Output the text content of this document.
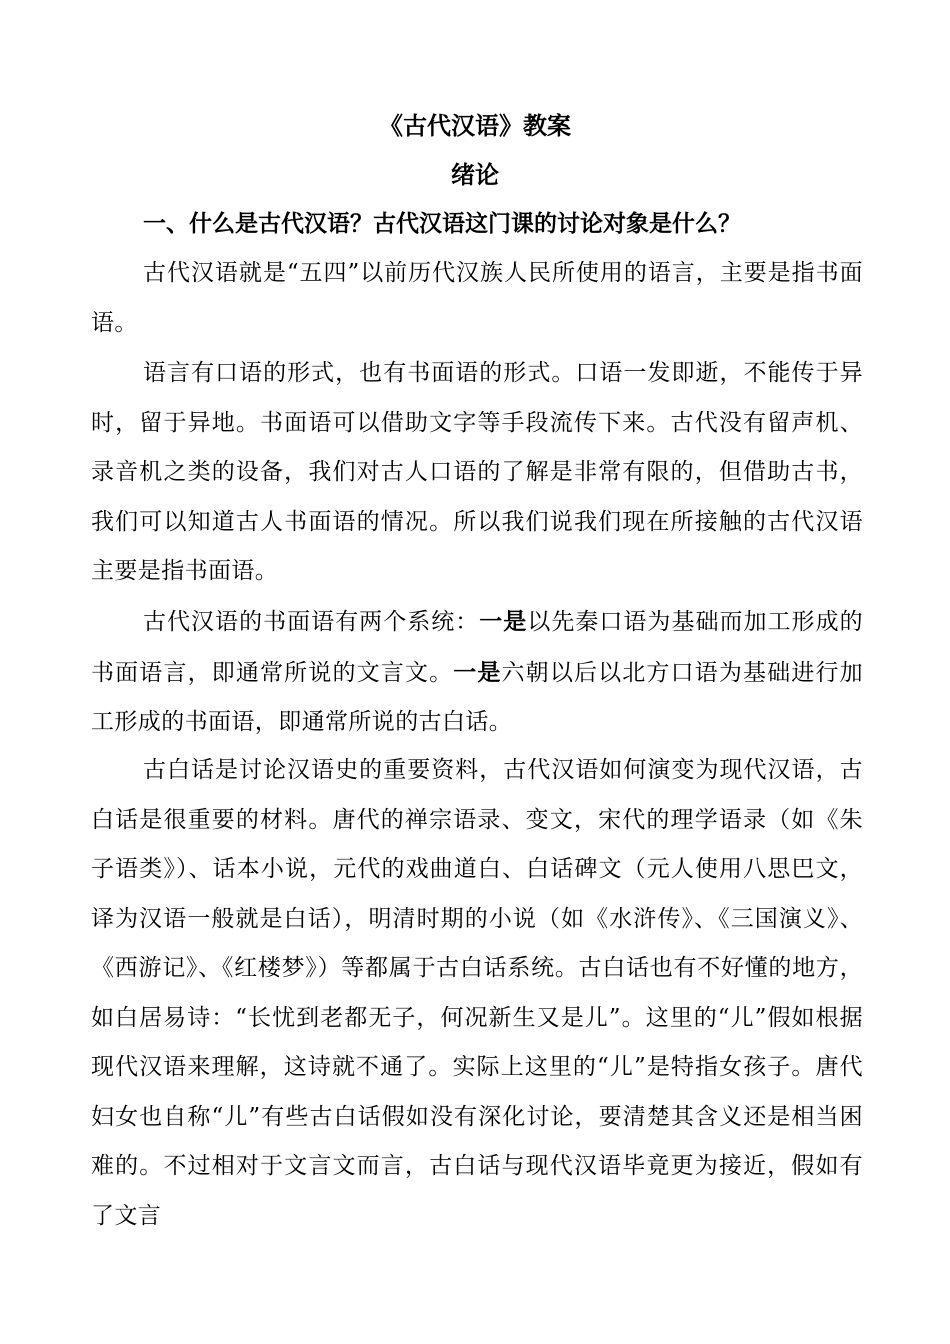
《古代汉语》教案
绪论
一、什么是古代汉语？古代汉语这门课的讨论对象是什么？

古代汉语就是“五四”以前历代汉族人民所使用的语言，主要是指书面语。

语言有口语的形式，也有书面语的形式。口语一发即逝，不能传于异时，留于异地。书面语可以借助文字等手段流传下来。古代没有留声机、录音机之类的设备，我们对古人口语的了解是非常有限的，但借助古书，我们可以知道古人书面语的情况。所以我们说我们现在所接触的古代汉语主要是指书面语。

古代汉语的书面语有两个系统：一是以先秦口语为基础而加工形成的书面语言，即通常所说的文言文。一是六朝以后以北方口语为基础进行加工形成的书面语，即通常所说的古白话。

古白话是讨论汉语史的重要资料，古代汉语如何演变为现代汉语，古白话是很重要的材料。唐代的禅宗语录、变文，宋代的理学语录（如《朱子语类》）、话本小说，元代的戏曲道白、白话碑文（元人使用八思巴文，译为汉语一般就是白话），明清时期的小说（如《水浒传》、《三国演义》、《西游记》、《红楼梦》）等都属于古白话系统。古白话也有不好懂的地方，如白居易诗：“长忧到老都无子，何况新生又是儿”。这里的“儿”假如根据现代汉语来理解，这诗就不通了。实际上这里的“儿”是特指女孩子。唐代妇女也自称“儿”有些古白话假如没有深化讨论，要清楚其含义还是相当困难的。不过相对于文言文而言，古白话与现代汉语毕竟更为接近，假如有了文言
